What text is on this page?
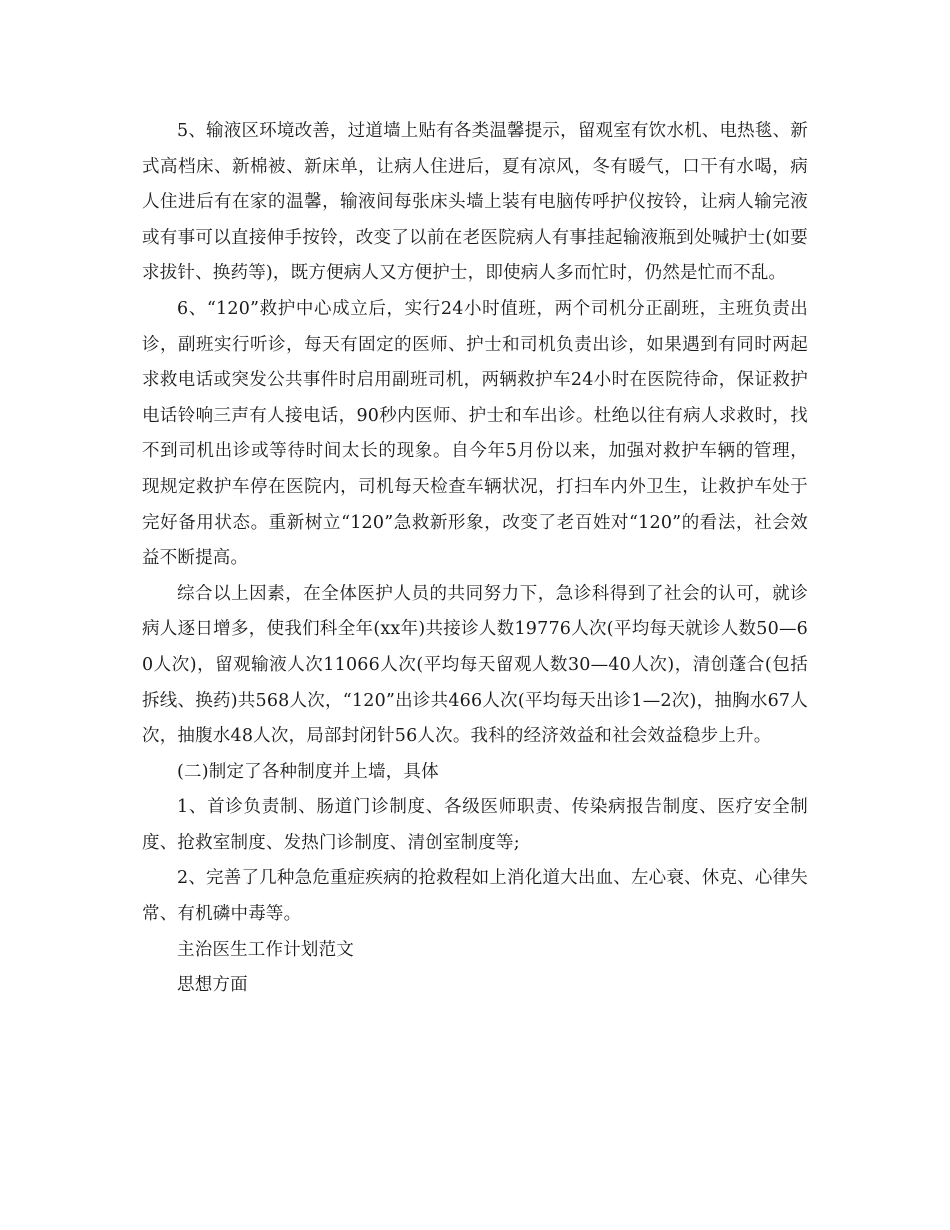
5、输液区环境改善，过道墙上贴有各类温馨提示，留观室有饮水机、电热毯、新式高档床、新棉被、新床单，让病人住进后，夏有凉风，冬有暖气，口干有水喝，病人住进后有在家的温馨，输液间每张床头墙上装有电脑传呼护仪按铃，让病人输完液或有事可以直接伸手按铃，改变了以前在老医院病人有事挂起输液瓶到处喊护士(如要求拔针、换药等)，既方便病人又方便护士，即使病人多而忙时，仍然是忙而不乱。

6、“120”救护中心成立后，实行24小时值班，两个司机分正副班，主班负责出诊，副班实行听诊，每天有固定的医师、护士和司机负责出诊，如果遇到有同时两起求救电话或突发公共事件时启用副班司机，两辆救护车24小时在医院待命，保证救护电话铃响三声有人接电话，90秒内医师、护士和车出诊。杜绝以往有病人求救时，找不到司机出诊或等待时间太长的现象。自今年5月份以来，加强对救护车辆的管理，现规定救护车停在医院内，司机每天检查车辆状况，打扫车内外卫生，让救护车处于完好备用状态。重新树立“120”急救新形象，改变了老百姓对“120”的看法，社会效益不断提高。

综合以上因素，在全体医护人员的共同努力下，急诊科得到了社会的认可，就诊病人逐日增多，使我们科全年(xx年)共接诊人数19776人次(平均每天就诊人数50—60人次)，留观输液人次11066人次(平均每天留观人数30—40人次)，清创蓬合(包括拆线、换药)共568人次，“120”出诊共466人次(平均每天出诊1—2次)，抽胸水67人次，抽腹水48人次，局部封闭针56人次。我科的经济效益和社会效益稳步上升。

(二)制定了各种制度并上墙，具体

1、首诊负责制、肠道门诊制度、各级医师职责、传染病报告制度、医疗安全制度、抢救室制度、发热门诊制度、清创室制度等;

2、完善了几种急危重症疾病的抢救程如上消化道大出血、左心衰、休克、心律失常、有机磷中毒等。

主治医生工作计划范文

思想方面
